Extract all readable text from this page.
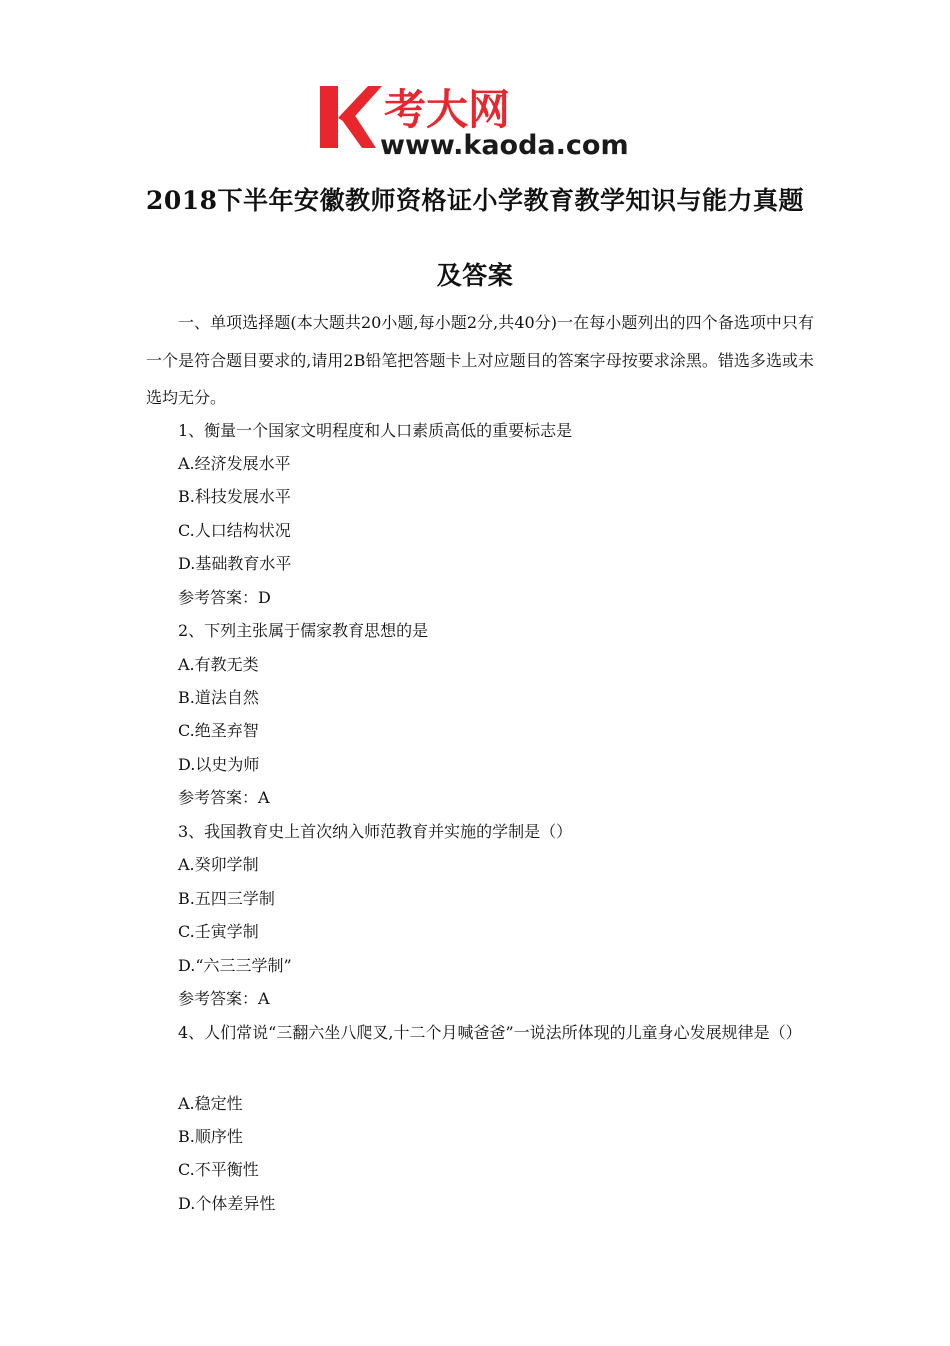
考大网
www.kaoda.com
2018下半年安徽教师资格证小学教育教学知识与能力真题
及答案
一、单项选择题(本大题共20小题,每小题2分,共40分)一在每小题列出的四个备选项中只有一个是符合题目要求的,请用2B铅笔把答题卡上对应题目的答案字母按要求涂黑。错选多选或未选均无分。
1、衡量一个国家文明程度和人口素质高低的重要标志是
A.经济发展水平
B.科技发展水平
C.人口结构状况
D.基础教育水平
参考答案：D
2、下列主张属于儒家教育思想的是
A.有教无类
B.道法自然
C.绝圣弃智
D.以史为师
参考答案：A
3、我国教育史上首次纳入师范教育并实施的学制是（）
A.癸卯学制
B.五四三学制
C.壬寅学制
D.“六三三学制”
参考答案：A
4、人们常说“三翻六坐八爬叉,十二个月喊爸爸”一说法所体现的儿童身心发展规律是（）
A.稳定性
B.顺序性
C.不平衡性
D.个体差异性
